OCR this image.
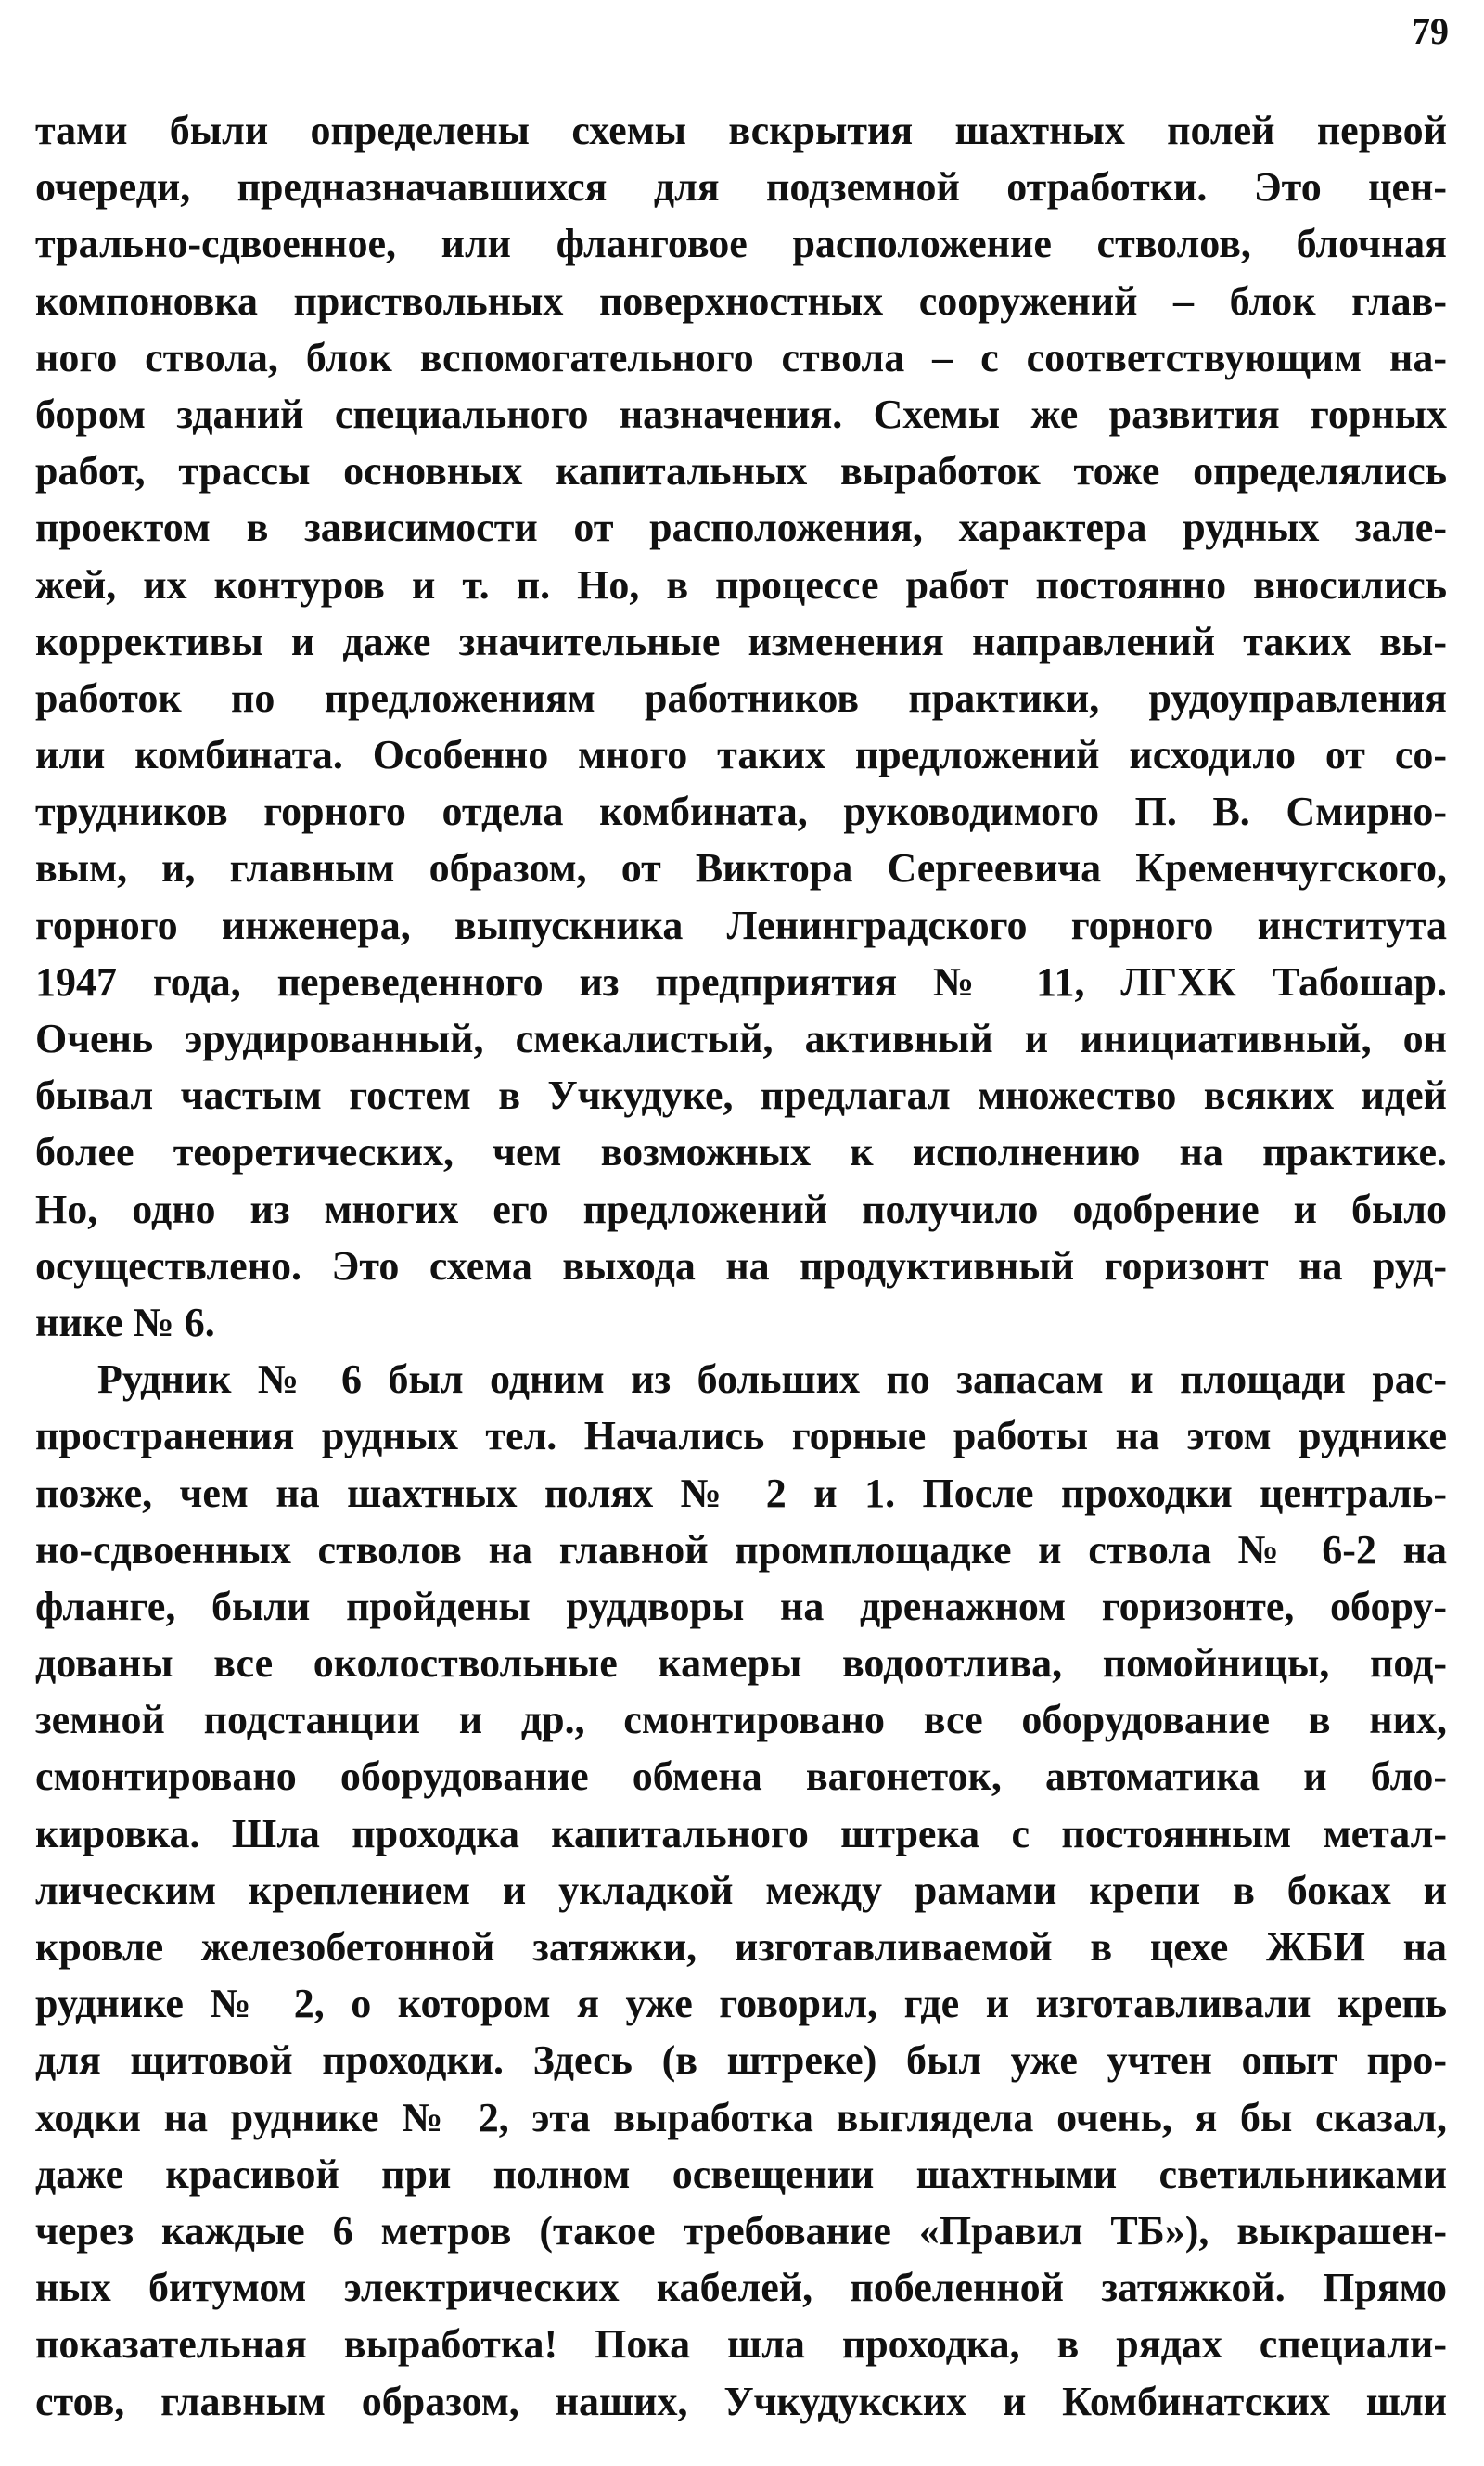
79
тами были определены схемы вскрытия шахтных полей первой
очереди, предназначавшихся для подземной отработки. Это цен-
трально-сдвоенное, или фланговое расположение стволов, блочная
компоновка приствольных поверхностных сооружений – блок глав-
ного ствола, блок вспомогательного ствола – с соответствующим на-
бором зданий специального назначения. Схемы же развития горных
работ, трассы основных капитальных выработок тоже определялись
проектом в зависимости от расположения, характера рудных зале-
жей, их контуров и т. п. Но, в процессе работ постоянно вносились
коррективы и даже значительные изменения направлений таких вы-
работок по предложениям работников практики, рудоуправления
или комбината. Особенно много таких предложений исходило от со-
трудников горного отдела комбината, руководимого П. В. Смирно-
вым, и, главным образом, от Виктора Сергеевича Кременчугского,
горного инженера, выпускника Ленинградского горного института
1947 года, переведенного из предприятия № 11, ЛГХК Табошар.
Очень эрудированный, смекалистый, активный и инициативный, он
бывал частым гостем в Учкудуке, предлагал множество всяких идей
более теоретических, чем возможных к исполнению на практике.
Но, одно из многих его предложений получило одобрение и было
осуществлено. Это схема выхода на продуктивный горизонт на руд-
нике № 6.
Рудник № 6 был одним из больших по запасам и площади рас-
пространения рудных тел. Начались горные работы на этом руднике
позже, чем на шахтных полях № 2 и 1. После проходки централь-
но-сдвоенных стволов на главной промплощадке и ствола № 6-2 на
фланге, были пройдены руддворы на дренажном горизонте, обору-
дованы все околоствольные камеры водоотлива, помойницы, под-
земной подстанции и др., смонтировано все оборудование в них,
смонтировано оборудование обмена вагонеток, автоматика и бло-
кировка. Шла проходка капитального штрека с постоянным метал-
лическим креплением и укладкой между рамами крепи в боках и
кровле железобетонной затяжки, изготавливаемой в цехе ЖБИ на
руднике № 2, о котором я уже говорил, где и изготавливали крепь
для щитовой проходки. Здесь (в штреке) был уже учтен опыт про-
ходки на руднике № 2, эта выработка выглядела очень, я бы сказал,
даже красивой при полном освещении шахтными светильниками
через каждые 6 метров (такое требование «Правил ТБ»), выкрашен-
ных битумом электрических кабелей, побеленной затяжкой. Прямо
показательная выработка! Пока шла проходка, в рядах специали-
стов, главным образом, наших, Учкудукских и Комбинатских шли
